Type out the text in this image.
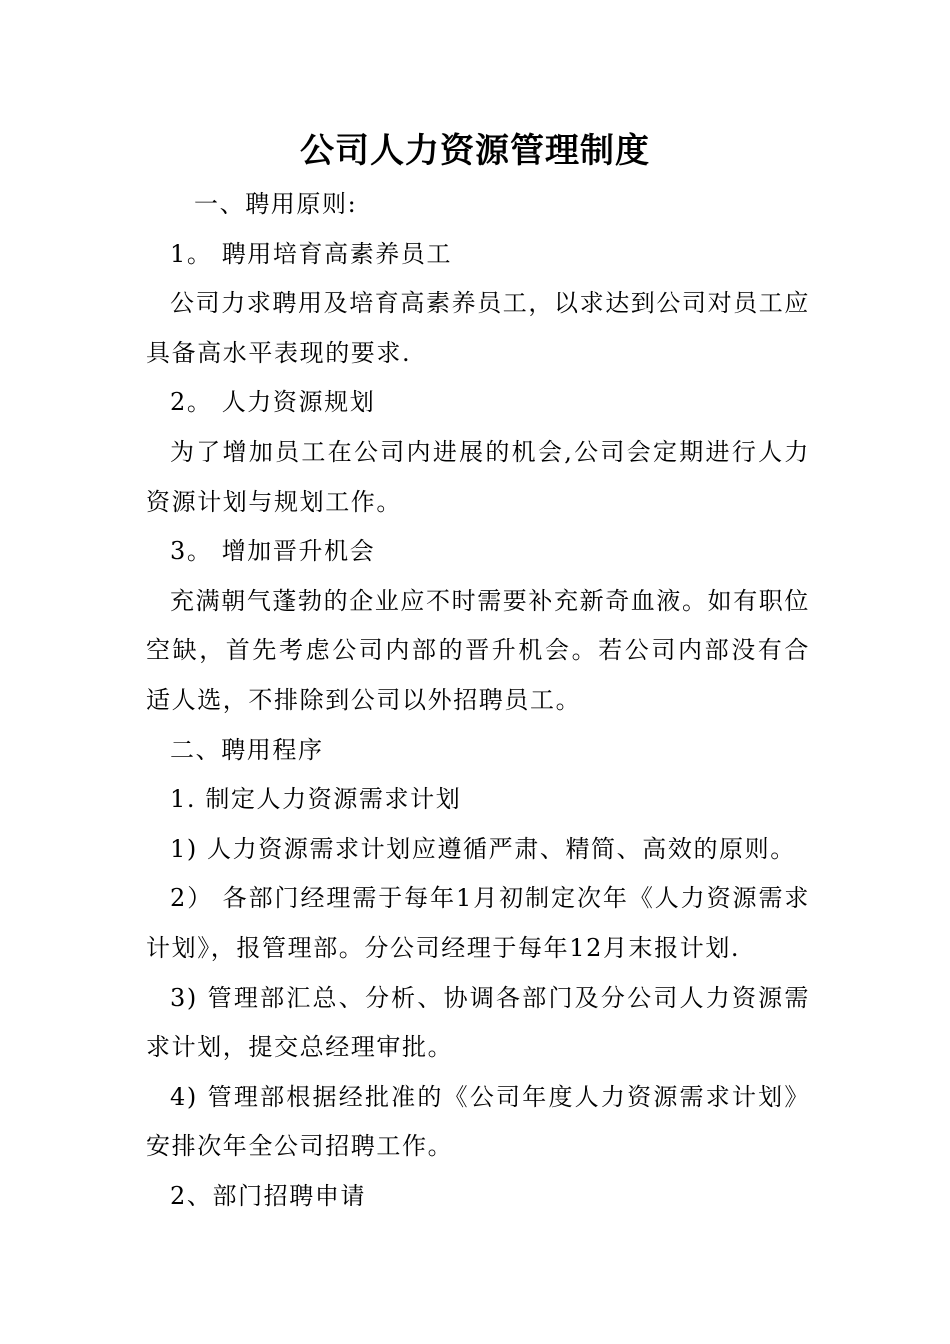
公司人力资源管理制度

一、聘用原则:

1。 聘用培育高素养员工

公司力求聘用及培育高素养员工，以求达到公司对员工应具备高水平表现的要求.

2。 人力资源规划

为了增加员工在公司内进展的机会,公司会定期进行人力资源计划与规划工作。

3。 增加晋升机会

充满朝气蓬勃的企业应不时需要补充新奇血液。如有职位空缺，首先考虑公司内部的晋升机会。若公司内部没有合适人选，不排除到公司以外招聘员工。

二、聘用程序

1. 制定人力资源需求计划

1) 人力资源需求计划应遵循严肃、精简、高效的原则。

2） 各部门经理需于每年1月初制定次年《人力资源需求计划》，报管理部。分公司经理于每年12月末报计划.

3) 管理部汇总、分析、协调各部门及分公司人力资源需求计划，提交总经理审批。

4) 管理部根据经批准的《公司年度人力资源需求计划》安排次年全公司招聘工作。

2、部门招聘申请
